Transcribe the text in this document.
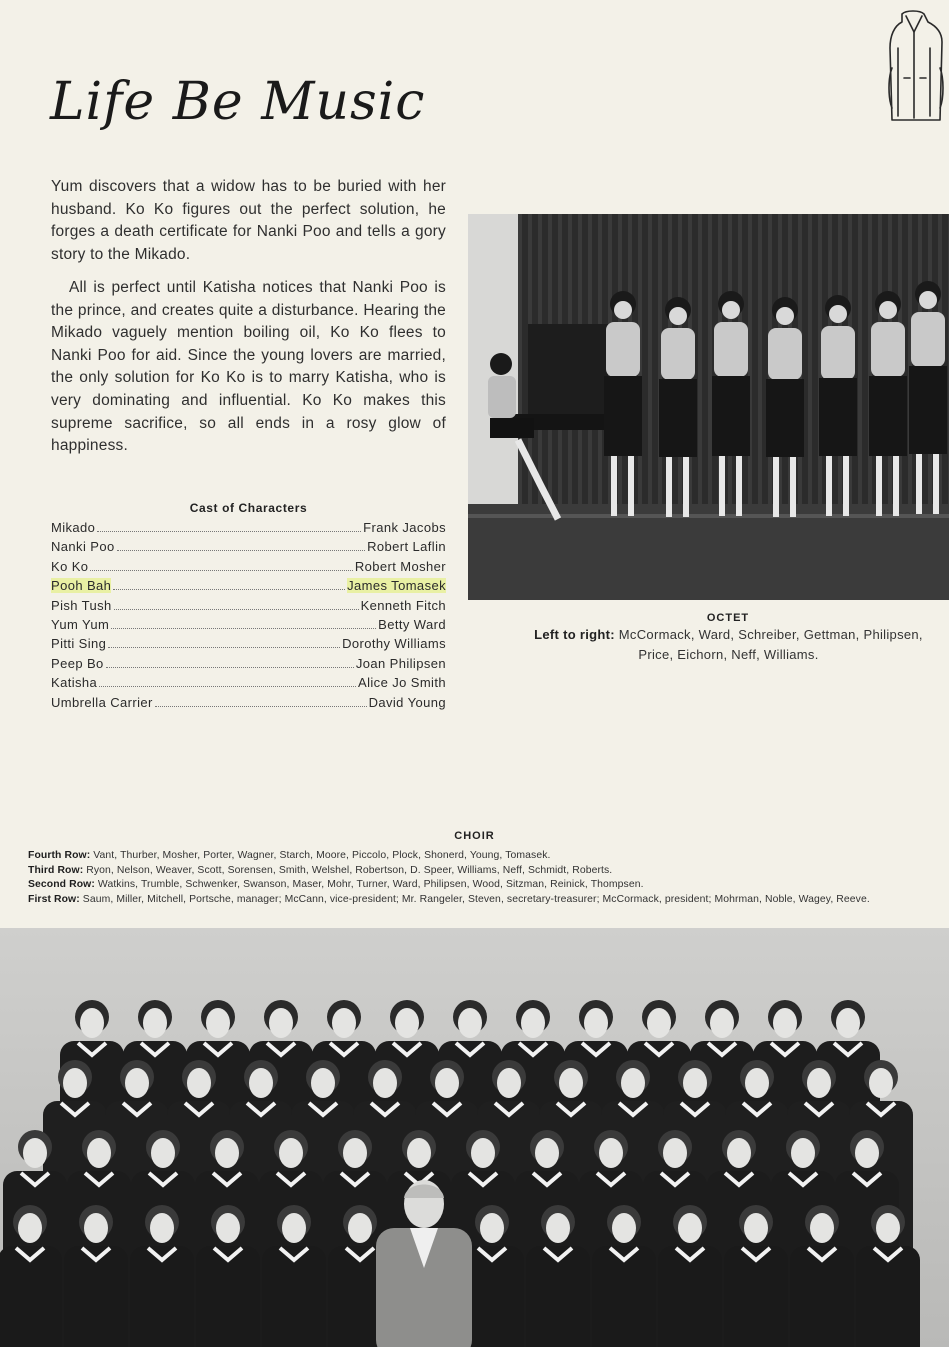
Life Be Music
Yum discovers that a widow has to be buried with her husband. Ko Ko figures out the perfect solution, he forges a death certificate for Nanki Poo and tells a gory story to the Mikado.
All is perfect until Katisha notices that Nanki Poo is the prince, and creates quite a disturbance. Hearing the Mikado vaguely mention boiling oil, Ko Ko flees to Nanki Poo for aid. Since the young lovers are married, the only solution for Ko Ko is to marry Katisha, who is very dominating and influential. Ko Ko makes this supreme sacrifice, so all ends in a rosy glow of happiness.
Cast of Characters
Mikado	Frank Jacobs
Nanki Poo	Robert Laflin
Ko Ko	Robert Mosher
Pooh Bah	James Tomasek
Pish Tush	Kenneth Fitch
Yum Yum	Betty Ward
Pitti Sing	Dorothy Williams
Peep Bo	Joan Philipsen
Katisha	Alice Jo Smith
Umbrella Carrier	David Young
OCTET
Left to right: McCormack, Ward, Schreiber, Gettman, Philipsen, Price, Eichorn, Neff, Williams.
CHOIR

Fourth Row: Vant, Thurber, Mosher, Porter, Wagner, Starch, Moore, Piccolo, Plock, Shonerd, Young, Tomasek.

Third Row: Ryon, Nelson, Weaver, Scott, Sorensen, Smith, Welshel, Robertson, D. Speer, Williams, Neff, Schmidt, Roberts.

Second Row: Watkins, Trumble, Schwenker, Swanson, Maser, Mohr, Turner, Ward, Philipsen, Wood, Sitzman, Reinick, Thompsen.

First Row: Saum, Miller, Mitchell, Portsche, manager; McCann, vice-president; Mr. Rangeler, Steven, secretary-treasurer; McCormack, president; Mohrman, Noble, Wagey, Reeve.
